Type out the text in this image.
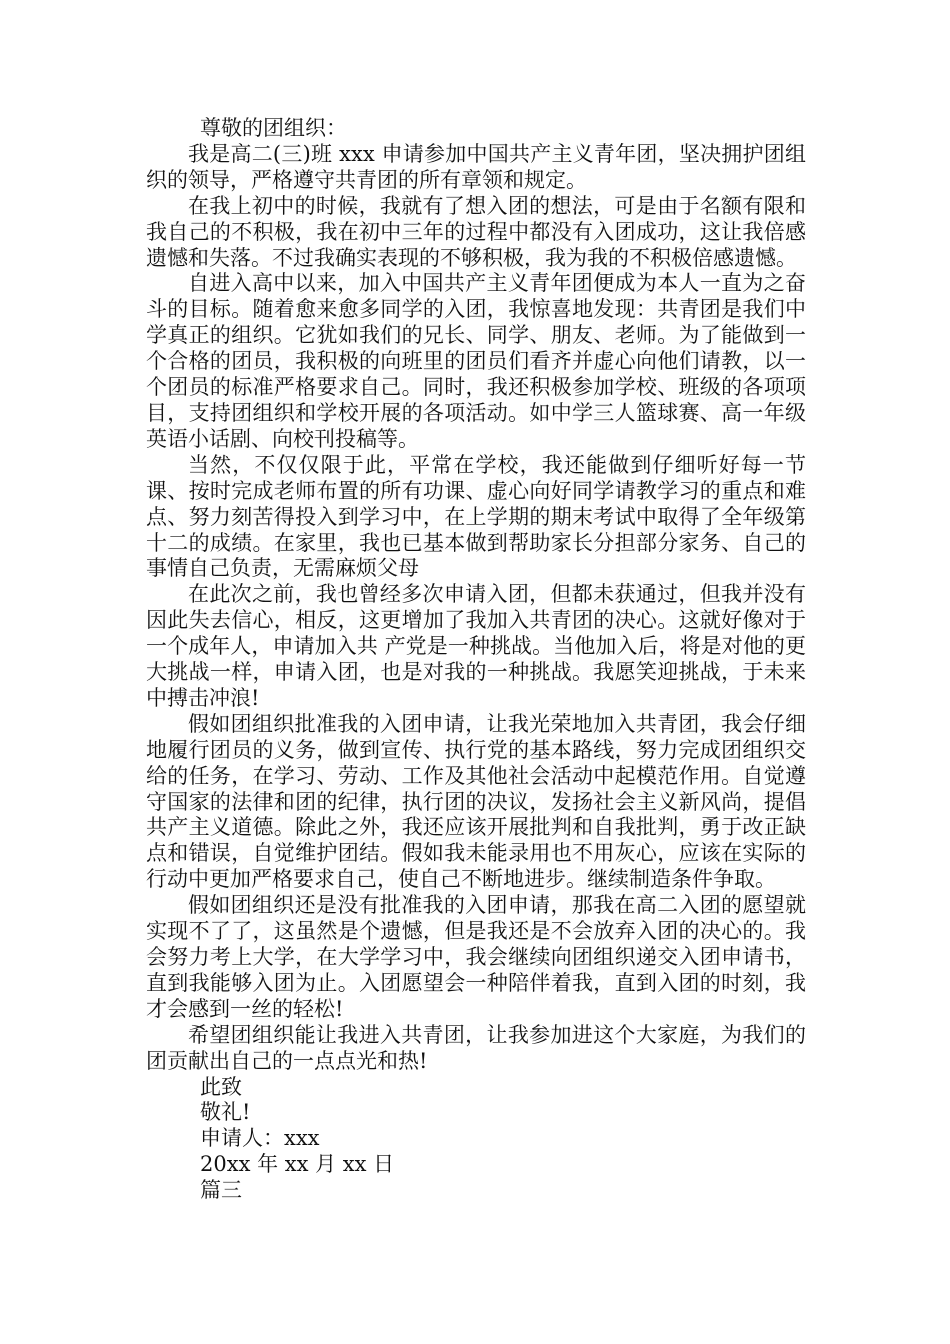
尊敬的团组织：

我是高二(三)班 xxx 申请参加中国共产主义青年团，坚决拥护团组织的领导，严格遵守共青团的所有章领和规定。

在我上初中的时候，我就有了想入团的想法，可是由于名额有限和我自己的不积极，我在初中三年的过程中都没有入团成功，这让我倍感遗憾和失落。不过我确实表现的不够积极，我为我的不积极倍感遗憾。

自进入高中以来，加入中国共产主义青年团便成为本人一直为之奋斗的目标。随着愈来愈多同学的入团，我惊喜地发现：共青团是我们中学真正的组织。它犹如我们的兄长、同学、朋友、老师。为了能做到一个合格的团员，我积极的向班里的团员们看齐并虚心向他们请教，以一个团员的标准严格要求自己。同时，我还积极参加学校、班级的各项项目，支持团组织和学校开展的各项活动。如中学三人篮球赛、高一年级英语小话剧、向校刊投稿等。

当然，不仅仅限于此，平常在学校，我还能做到仔细听好每一节课、按时完成老师布置的所有功课、虚心向好同学请教学习的重点和难点、努力刻苦得投入到学习中，在上学期的期末考试中取得了全年级第十二的成绩。在家里，我也已基本做到帮助家长分担部分家务、自己的事情自己负责，无需麻烦父母

在此次之前，我也曾经多次申请入团，但都未获通过，但我并没有因此失去信心，相反，这更增加了我加入共青团的决心。这就好像对于一个成年人，申请加入共 产党是一种挑战。当他加入后，将是对他的更大挑战一样，申请入团，也是对我的一种挑战。我愿笑迎挑战，于未来中搏击冲浪!

假如团组织批准我的入团申请，让我光荣地加入共青团，我会仔细地履行团员的义务，做到宣传、执行党的基本路线，努力完成团组织交给的任务，在学习、劳动、工作及其他社会活动中起模范作用。自觉遵守国家的法律和团的纪律，执行团的决议，发扬社会主义新风尚，提倡共产主义道德。除此之外，我还应该开展批判和自我批判，勇于改正缺点和错误，自觉维护团结。假如我未能录用也不用灰心，应该在实际的行动中更加严格要求自己，使自己不断地进步。继续制造条件争取。

假如团组织还是没有批准我的入团申请，那我在高二入团的愿望就实现不了了，这虽然是个遗憾，但是我还是不会放弃入团的决心的。我会努力考上大学，在大学学习中，我会继续向团组织递交入团申请书，直到我能够入团为止。入团愿望会一种陪伴着我，直到入团的时刻，我才会感到一丝的轻松!

希望团组织能让我进入共青团，让我参加进这个大家庭，为我们的团贡献出自己的一点点光和热!

此致
敬礼!
申请人：xxx
20xx 年 xx 月 xx 日
篇三
